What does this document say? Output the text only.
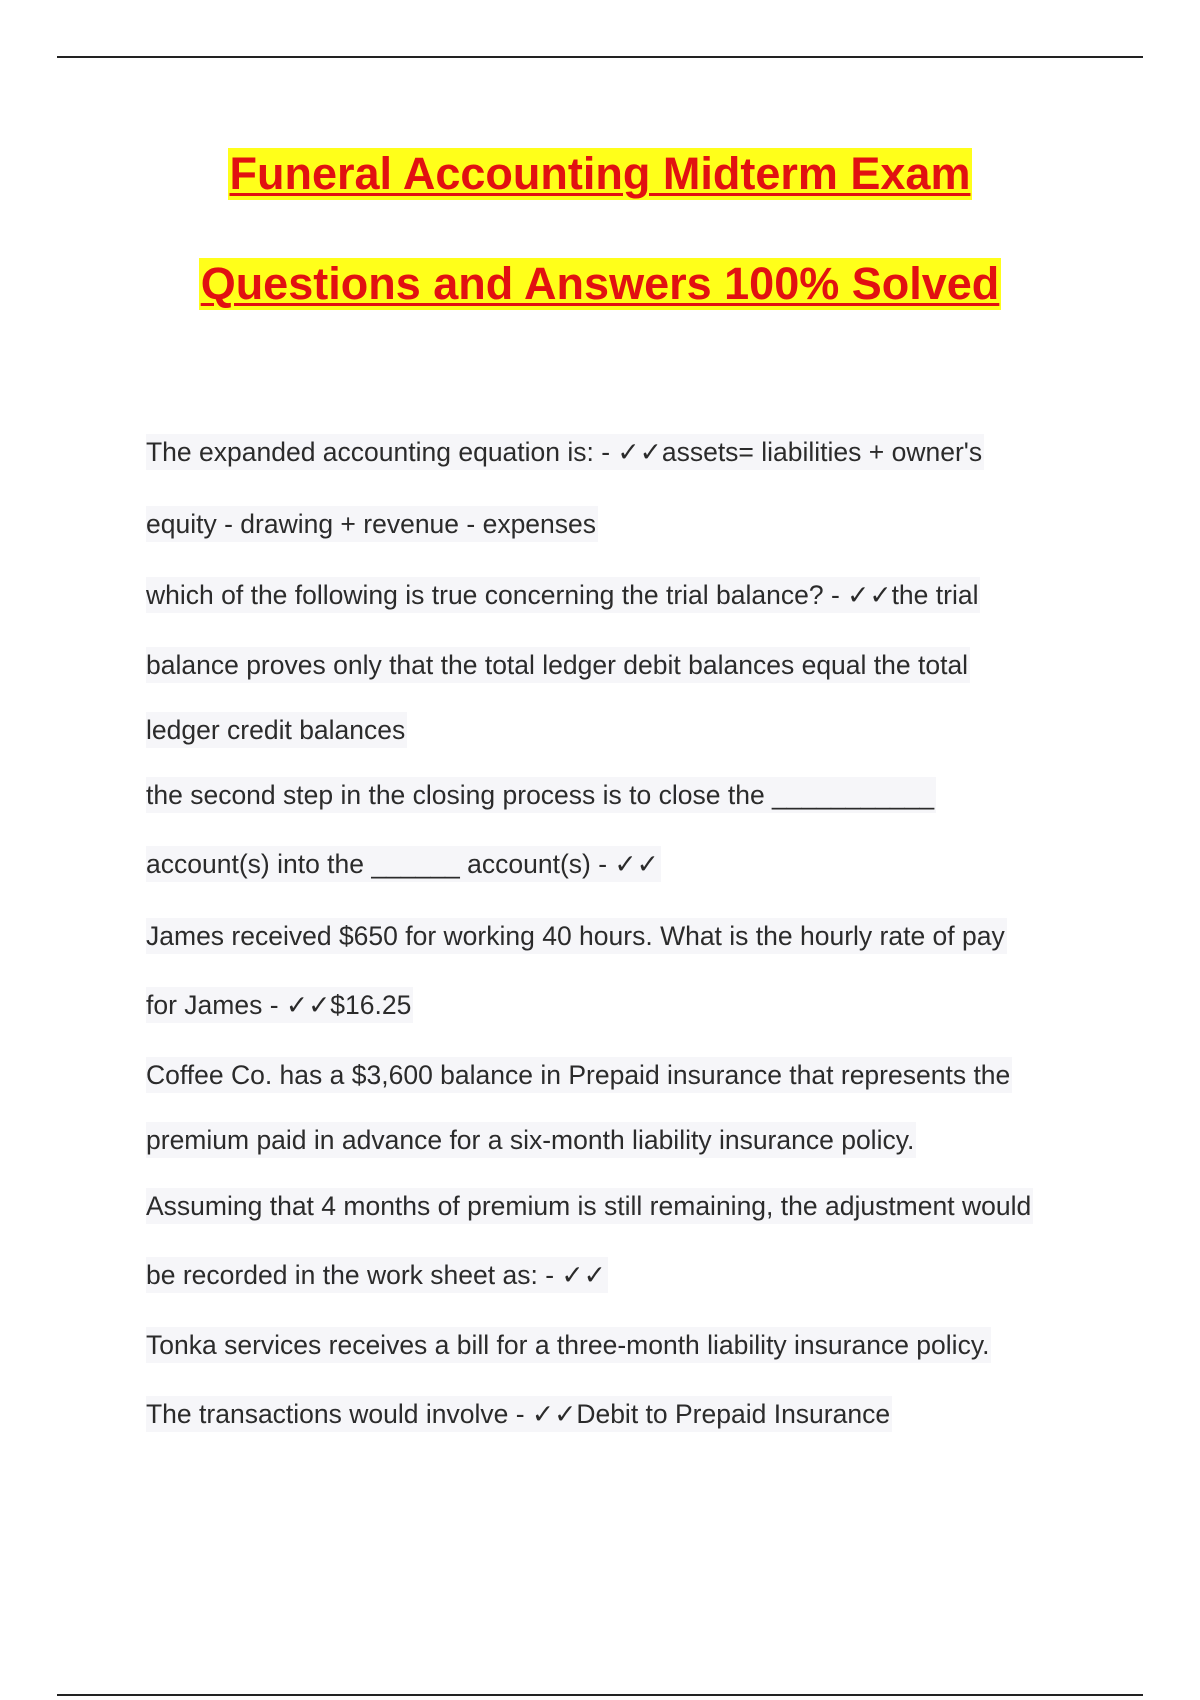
Funeral Accounting Midterm Exam
Questions and Answers 100% Solved
The expanded accounting equation is: - ✓✓assets= liabilities + owner's
equity - drawing + revenue - expenses
which of the following is true concerning the trial balance? - ✓✓the trial
balance proves only that the total ledger debit balances equal the total
ledger credit balances
the second step in the closing process is to close the ___________
account(s) into the ______ account(s) - ✓✓
James received $650 for working 40 hours. What is the hourly rate of pay
for James - ✓✓$16.25
Coffee Co. has a $3,600 balance in Prepaid insurance that represents the
premium paid in advance for a six-month liability insurance policy.
Assuming that 4 months of premium is still remaining, the adjustment would
be recorded in the work sheet as: - ✓✓
Tonka services receives a bill for a three-month liability insurance policy.
The transactions would involve - ✓✓Debit to Prepaid Insurance
